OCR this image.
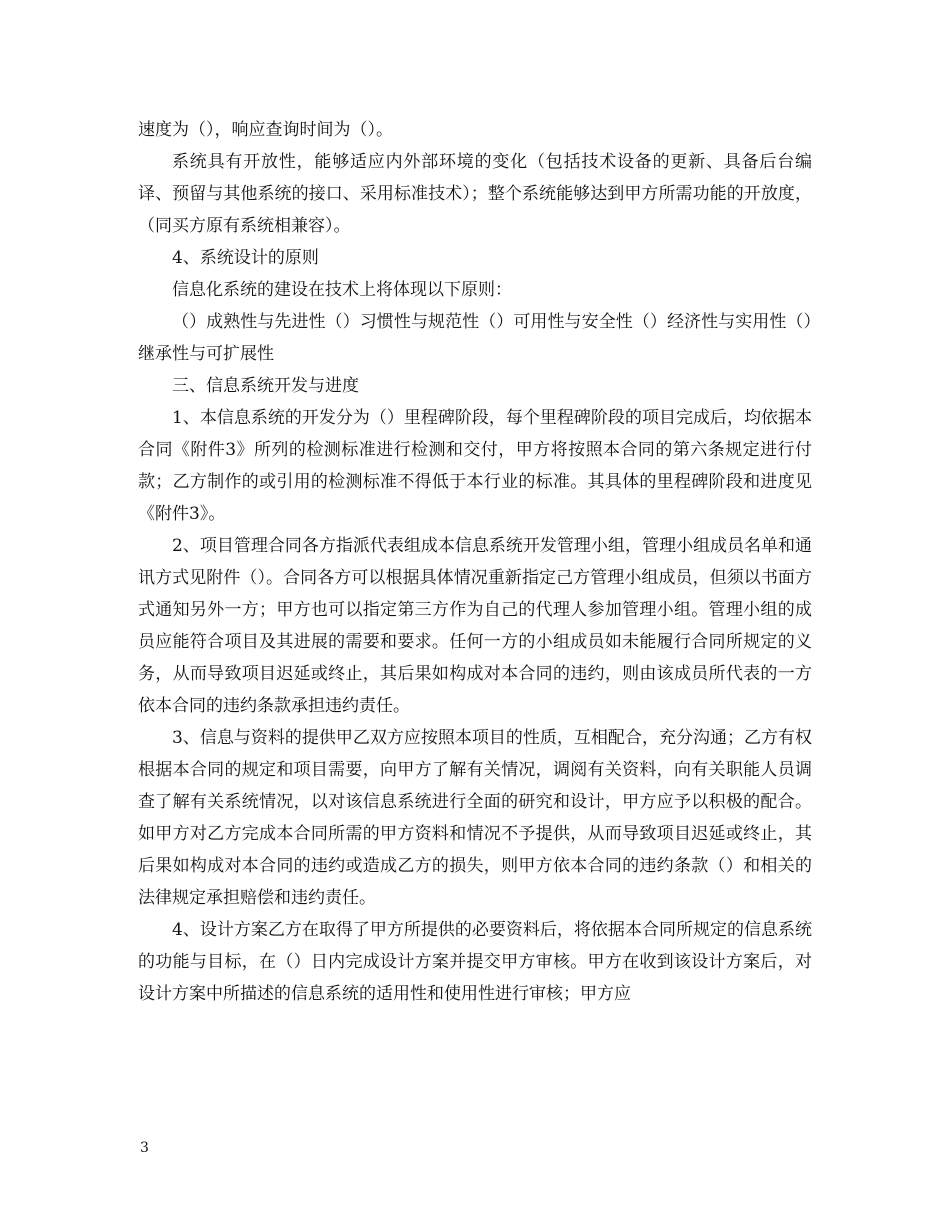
速度为（），响应查询时间为（）。

系统具有开放性，能够适应内外部环境的变化（包括技术设备的更新、具备后台编译、预留与其他系统的接口、采用标准技术）；整个系统能够达到甲方所需功能的开放度，（同买方原有系统相兼容）。

4、系统设计的原则

信息化系统的建设在技术上将体现以下原则：

（）成熟性与先进性（）习惯性与规范性（）可用性与安全性（）经济性与实用性（）继承性与可扩展性

三、信息系统开发与进度

1、本信息系统的开发分为（）里程碑阶段，每个里程碑阶段的项目完成后，均依据本合同《附件3》所列的检测标准进行检测和交付，甲方将按照本合同的第六条规定进行付款；乙方制作的或引用的检测标准不得低于本行业的标准。其具体的里程碑阶段和进度见《附件3》。

2、项目管理合同各方指派代表组成本信息系统开发管理小组，管理小组成员名单和通讯方式见附件（）。合同各方可以根据具体情况重新指定己方管理小组成员，但须以书面方式通知另外一方；甲方也可以指定第三方作为自己的代理人参加管理小组。管理小组的成员应能符合项目及其进展的需要和要求。任何一方的小组成员如未能履行合同所规定的义务，从而导致项目迟延或终止，其后果如构成对本合同的违约，则由该成员所代表的一方依本合同的违约条款承担违约责任。

3、信息与资料的提供甲乙双方应按照本项目的性质，互相配合，充分沟通；乙方有权根据本合同的规定和项目需要，向甲方了解有关情况，调阅有关资料，向有关职能人员调查了解有关系统情况，以对该信息系统进行全面的研究和设计，甲方应予以积极的配合。如甲方对乙方完成本合同所需的甲方资料和情况不予提供，从而导致项目迟延或终止，其后果如构成对本合同的违约或造成乙方的损失，则甲方依本合同的违约条款（）和相关的法律规定承担赔偿和违约责任。

4、设计方案乙方在取得了甲方所提供的必要资料后，将依据本合同所规定的信息系统的功能与目标，在（）日内完成设计方案并提交甲方审核。甲方在收到该设计方案后，对设计方案中所描述的信息系统的适用性和使用性进行审核；甲方应

3
